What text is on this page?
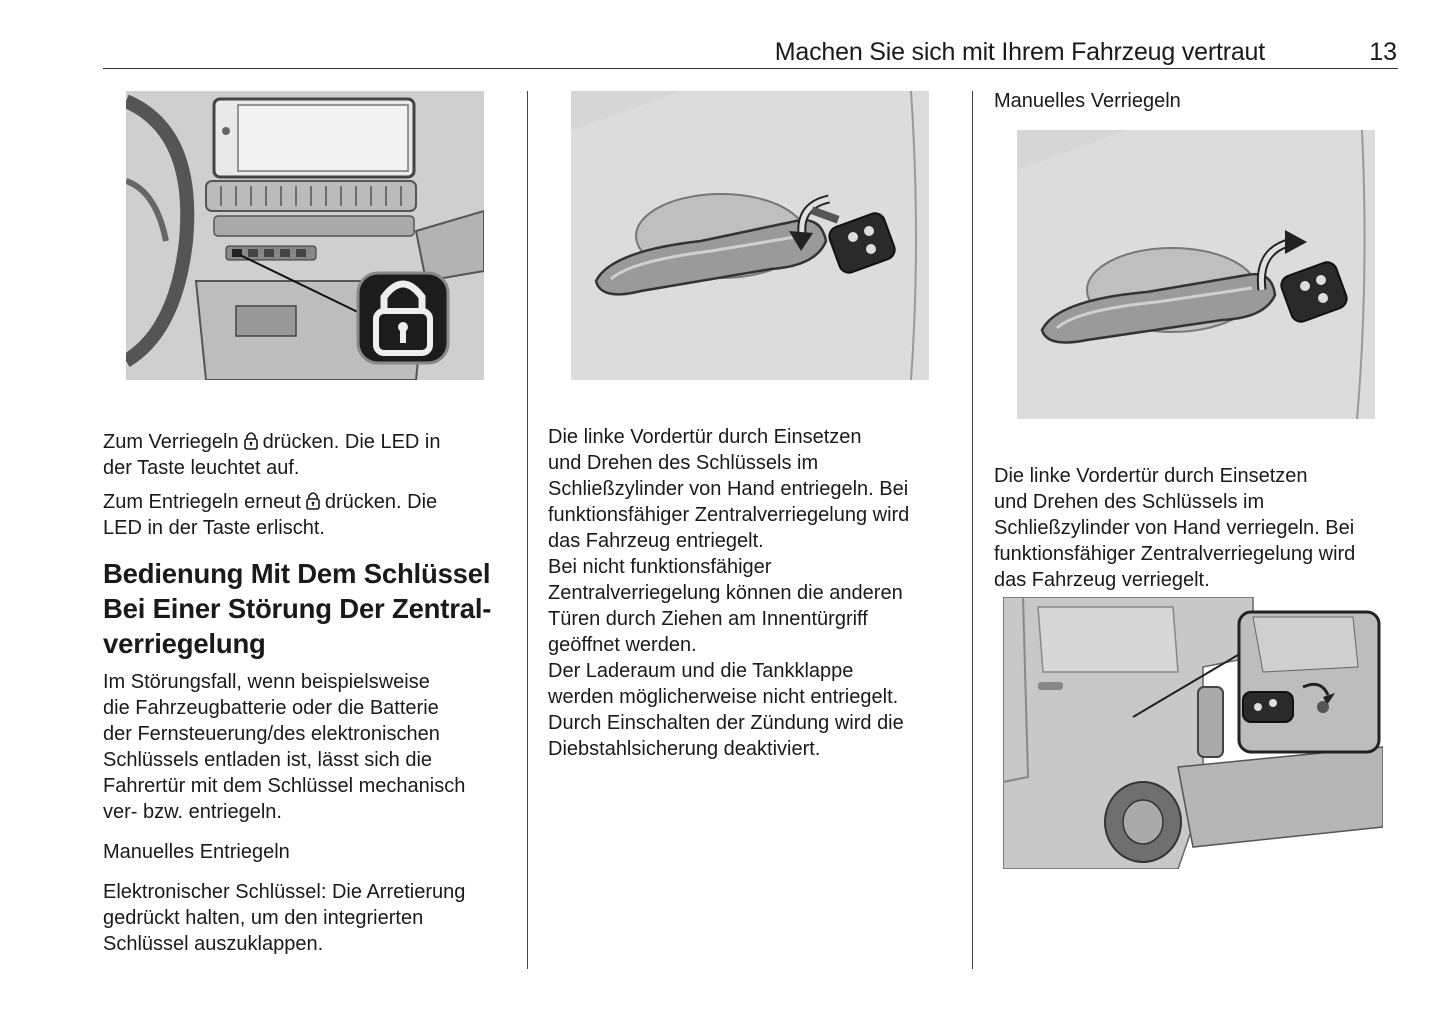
Machen Sie sich mit Ihrem Fahrzeug vertraut	13

Zum Verriegeln drücken. Die LED in
der Taste leuchtet auf.

Zum Entriegeln erneut drücken. Die
LED in der Taste erlischt.

Bedienung Mit Dem Schlüssel
Bei Einer Störung Der Zentral-
verriegelung

Im Störungsfall, wenn beispielsweise
die Fahrzeugbatterie oder die Batterie
der Fernsteuerung/des elektronischen
Schlüssels entladen ist, lässt sich die
Fahrertür mit dem Schlüssel mechanisch
ver- bzw. entriegeln.

Manuelles Entriegeln

Elektronischer Schlüssel: Die Arretierung
gedrückt halten, um den integrierten
Schlüssel auszuklappen.

Die linke Vordertür durch Einsetzen
und Drehen des Schlüssels im
Schließzylinder von Hand entriegeln. Bei
funktionsfähiger Zentralverriegelung wird
das Fahrzeug entriegelt.
Bei nicht funktionsfähiger
Zentralverriegelung können die anderen
Türen durch Ziehen am Innentürgriff
geöffnet werden.
Der Laderaum und die Tankklappe
werden möglicherweise nicht entriegelt.
Durch Einschalten der Zündung wird die
Diebstahlsicherung deaktiviert.

Manuelles Verriegeln

Die linke Vordertür durch Einsetzen
und Drehen des Schlüssels im
Schließzylinder von Hand verriegeln. Bei
funktionsfähiger Zentralverriegelung wird
das Fahrzeug verriegelt.
